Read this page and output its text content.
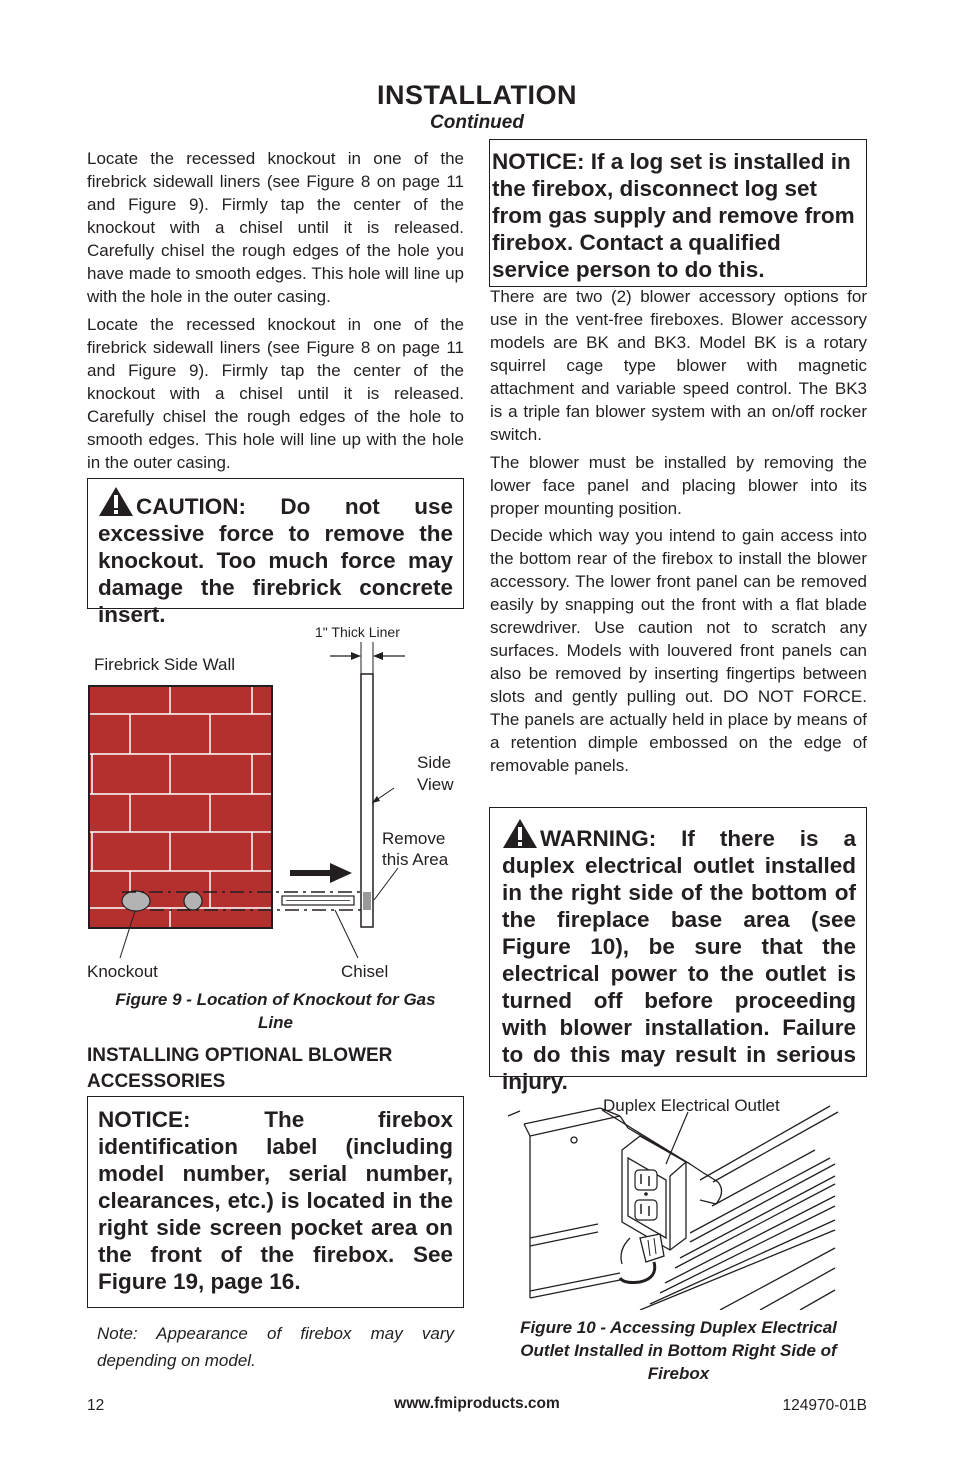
INSTALLATION
Continued

Locate the recessed knockout in one of the firebrick sidewall liners (see Figure 8 on page 11 and Figure 9). Firmly tap the center of the knockout with a chisel until it is released. Carefully chisel the rough edges of the hole you have made to smooth edges. This hole will line up with the hole in the outer casing.

Locate the recessed knockout in one of the firebrick sidewall liners (see Figure 8 on page 11 and Figure 9). Firmly tap the center of the knockout with a chisel until it is released. Carefully chisel the rough edges of the hole to smooth edges. This hole will line up with the hole in the outer casing.

CAUTION: Do not use excessive force to remove the knockout. Too much force may damage the firebrick concrete insert.

1" Thick Liner
Firebrick Side Wall
Side
View
Remove
this Area
Knockout	Chisel
Figure 9 - Location of Knockout for Gas
Line
INSTALLING OPTIONAL BLOWER
ACCESSORIES

NOTICE: The firebox identification label (including model number, serial number, clearances, etc.) is located in the right side screen pocket area on the front of the firebox. See Figure 19, page 16.

Note: Appearance of firebox may vary depending on model.

NOTICE: If a log set is installed in the firebox, disconnect log set from gas supply and remove from firebox. Contact a qualified service person to do this.

There are two (2) blower accessory options for use in the vent-free fireboxes. Blower accessory models are BK and BK3. Model BK is a rotary squirrel cage type blower with magnetic attachment and variable speed control. The BK3 is a triple fan blower system with an on/off rocker switch.

The blower must be installed by removing the lower face panel and placing blower into its proper mounting position.

Decide which way you intend to gain access into the bottom rear of the firebox to install the blower accessory. The lower front panel can be removed easily by snapping out the front with a flat blade screwdriver. Use caution not to scratch any surfaces. Models with louvered front panels can also be removed by inserting fingertips between slots and gently pulling out. DO NOT FORCE. The panels are actually held in place by means of a retention dimple embossed on the edge of removable panels.

WARNING: If there is a duplex electrical outlet installed in the right side of the bottom of the fireplace base area (see Figure 10), be sure that the electrical power to the outlet is turned off before proceeding with blower installation. Failure to do this may result in serious injury.

Duplex Electrical Outlet
Figure 10 - Accessing Duplex Electrical
Outlet Installed in Bottom Right Side of
Firebox
12	www.fmiproducts.com	124970-01B
